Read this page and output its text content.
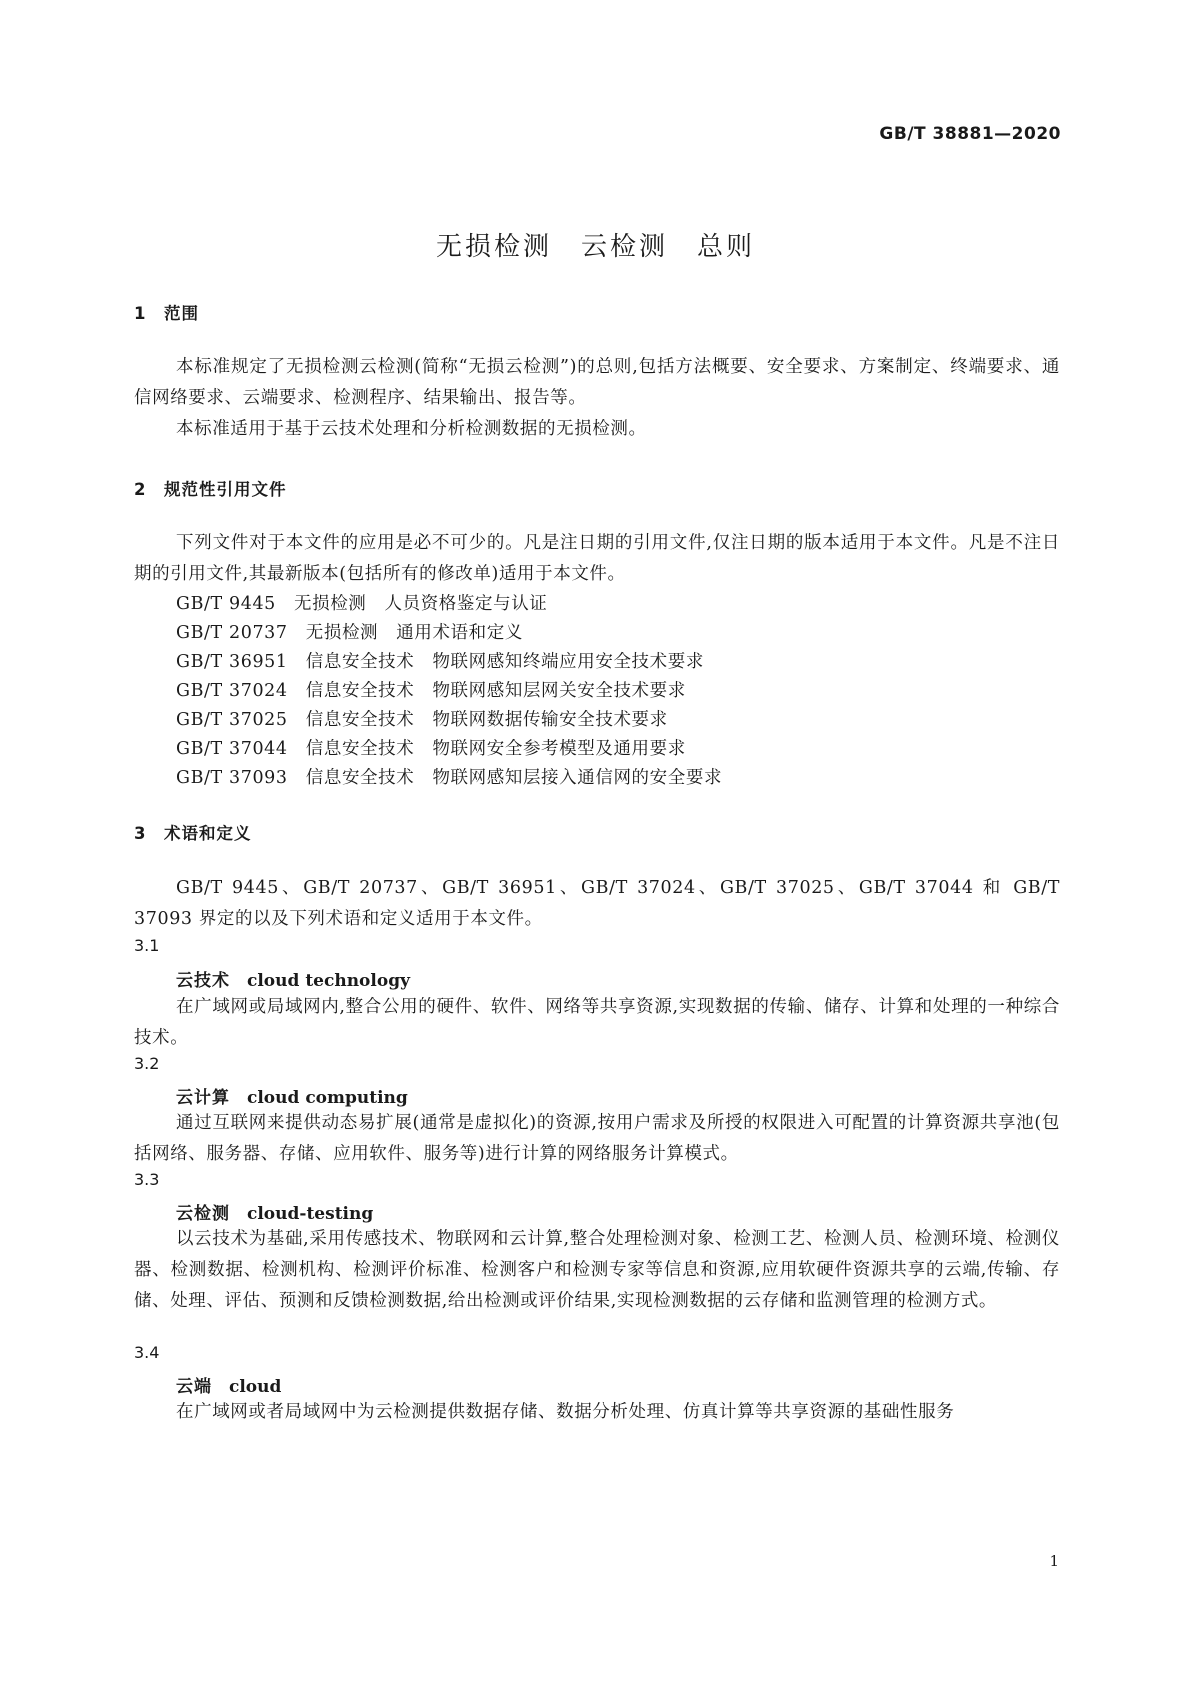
GB/T 38881—2020
无损检测　云检测　总则
1　范围
本标准规定了无损检测云检测(简称“无损云检测”)的总则,包括方法概要、安全要求、方案制定、终端要求、通信网络要求、云端要求、检测程序、结果输出、报告等。
本标准适用于基于云技术处理和分析检测数据的无损检测。
2　规范性引用文件
下列文件对于本文件的应用是必不可少的。凡是注日期的引用文件,仅注日期的版本适用于本文件。凡是不注日期的引用文件,其最新版本(包括所有的修改单)适用于本文件。
GB/T 9445　无损检测　人员资格鉴定与认证
GB/T 20737　无损检测　通用术语和定义
GB/T 36951　信息安全技术　物联网感知终端应用安全技术要求
GB/T 37024　信息安全技术　物联网感知层网关安全技术要求
GB/T 37025　信息安全技术　物联网数据传输安全技术要求
GB/T 37044　信息安全技术　物联网安全参考模型及通用要求
GB/T 37093　信息安全技术　物联网感知层接入通信网的安全要求
3　术语和定义
GB/T 9445、GB/T 20737、GB/T 36951、GB/T 37024、GB/T 37025、GB/T 37044 和 GB/T 37093 界定的以及下列术语和定义适用于本文件。
3.1
云技术　 cloud technology
在广域网或局域网内,整合公用的硬件、软件、网络等共享资源,实现数据的传输、储存、计算和处理的一种综合技术。
3.2
云计算　 cloud computing
通过互联网来提供动态易扩展(通常是虚拟化)的资源,按用户需求及所授的权限进入可配置的计算资源共享池(包括网络、服务器、存储、应用软件、服务等)进行计算的网络服务计算模式。
3.3
云检测　 cloud-testing
以云技术为基础,采用传感技术、物联网和云计算,整合处理检测对象、检测工艺、检测人员、检测环境、检测仪器、检测数据、检测机构、检测评价标准、检测客户和检测专家等信息和资源,应用软硬件资源共享的云端,传输、存储、处理、评估、预测和反馈检测数据,给出检测或评价结果,实现检测数据的云存储和监测管理的检测方式。
3.4
云端　 cloud
在广域网或者局域网中为云检测提供数据存储、数据分析处理、仿真计算等共享资源的基础性服务
1
